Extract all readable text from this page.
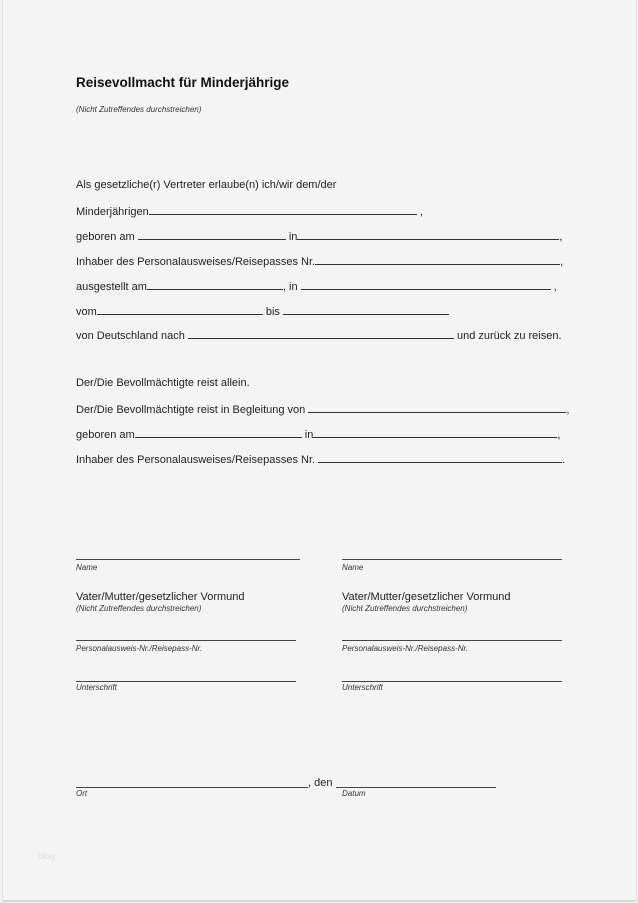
Reisevollmacht für Minderjährige
(Nicht Zutreffendes durchstreichen)
Als gesetzliche(r) Vertreter erlaube(n) ich/wir dem/der
Minderjährigen	,
geboren am	in	,
Inhaber des Personalausweises/Reisepasses Nr.	,
ausgestellt am	, in	,
vom	bis
von Deutschland nach	und zurück zu reisen.
Der/Die Bevollmächtigte reist allein.
Der/Die Bevollmächtigte reist in Begleitung von	,
geboren am	in	,
Inhaber des Personalausweises/Reisepasses Nr.	.
Name
Vater/Mutter/gesetzlicher Vormund
(Nicht Zutreffendes durchstreichen)
Personalausweis-Nr./Reisepass-Nr.
Unterschrift
Name
Vater/Mutter/gesetzlicher Vormund
(Nicht Zutreffendes durchstreichen)
Personalausweis-Nr./Reisepass-Nr.
Unterschrift
, den
Ort	Datum
blog
